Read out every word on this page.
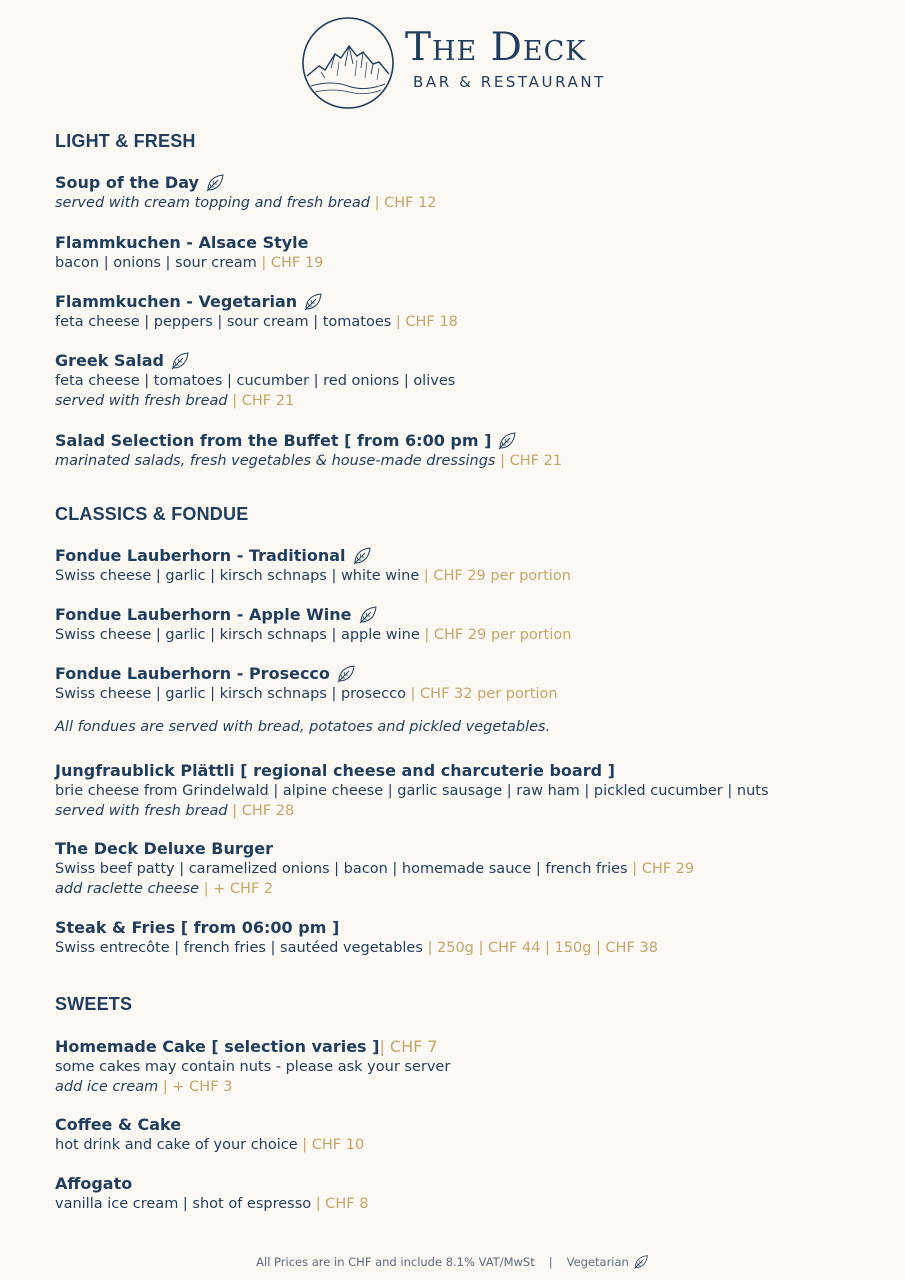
The Deck
BAR & RESTAURANT
LIGHT & FRESH
Soup of the Day
served with cream topping and fresh bread | CHF 12
Flammkuchen - Alsace Style
bacon | onions | sour cream | CHF 19
Flammkuchen - Vegetarian
feta cheese | peppers | sour cream | tomatoes | CHF 18
Greek Salad
feta cheese | tomatoes | cucumber | red onions | olives
served with fresh bread | CHF 21
Salad Selection from the Buffet [ from 6:00 pm ]
marinated salads, fresh vegetables & house-made dressings | CHF 21
CLASSICS & FONDUE
Fondue Lauberhorn - Traditional
Swiss cheese | garlic | kirsch schnaps | white wine | CHF 29 per portion
Fondue Lauberhorn - Apple Wine
Swiss cheese | garlic | kirsch schnaps | apple wine | CHF 29 per portion
Fondue Lauberhorn - Prosecco
Swiss cheese | garlic | kirsch schnaps | prosecco | CHF 32 per portion
All fondues are served with bread, potatoes and pickled vegetables.
Jungfraublick Plättli [ regional cheese and charcuterie board ]
brie cheese from Grindelwald | alpine cheese | garlic sausage | raw ham | pickled cucumber | nuts
served with fresh bread | CHF 28
The Deck Deluxe Burger
Swiss beef patty | caramelized onions | bacon | homemade sauce | french fries | CHF 29
add raclette cheese | + CHF 2
Steak & Fries [ from 06:00 pm ]
Swiss entrecôte | french fries | sautéed vegetables | 250g | CHF 44 | 150g | CHF 38
SWEETS
Homemade Cake [ selection varies ] | CHF 7
some cakes may contain nuts - please ask your server
add ice cream | + CHF 3
Coffee & Cake
hot drink and cake of your choice | CHF 10
Affogato
vanilla ice cream | shot of espresso | CHF 8
All Prices are in CHF and include 8.1% VAT/MwSt | Vegetarian
